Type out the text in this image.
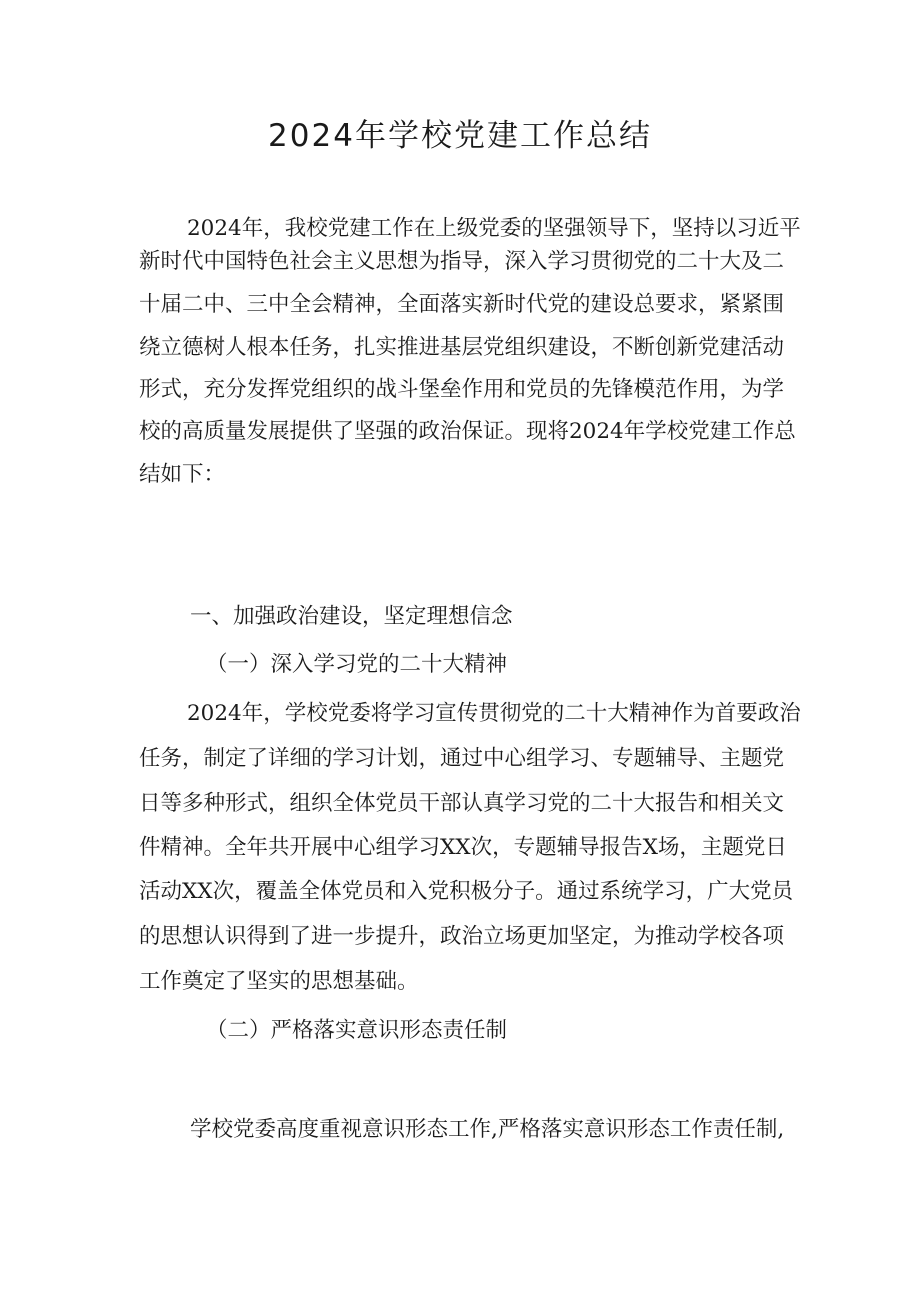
2024年学校党建工作总结
2024年，我校党建工作在上级党委的坚强领导下，坚持以习近平
新时代中国特色社会主义思想为指导，深入学习贯彻党的二十大及二
十届二中、三中全会精神，全面落实新时代党的建设总要求，紧紧围
绕立德树人根本任务，扎实推进基层党组织建设，不断创新党建活动
形式，充分发挥党组织的战斗堡垒作用和党员的先锋模范作用，为学
校的高质量发展提供了坚强的政治保证。现将2024年学校党建工作总
结如下：
一、加强政治建设，坚定理想信念
（一）深入学习党的二十大精神
2024年，学校党委将学习宣传贯彻党的二十大精神作为首要政治
任务，制定了详细的学习计划，通过中心组学习、专题辅导、主题党
日等多种形式，组织全体党员干部认真学习党的二十大报告和相关文
件精神。全年共开展中心组学习XX次，专题辅导报告X场，主题党日
活动XX次，覆盖全体党员和入党积极分子。通过系统学习，广大党员
的思想认识得到了进一步提升，政治立场更加坚定，为推动学校各项
工作奠定了坚实的思想基础。
（二）严格落实意识形态责任制
学校党委高度重视意识形态工作,严格落实意识形态工作责任制,
